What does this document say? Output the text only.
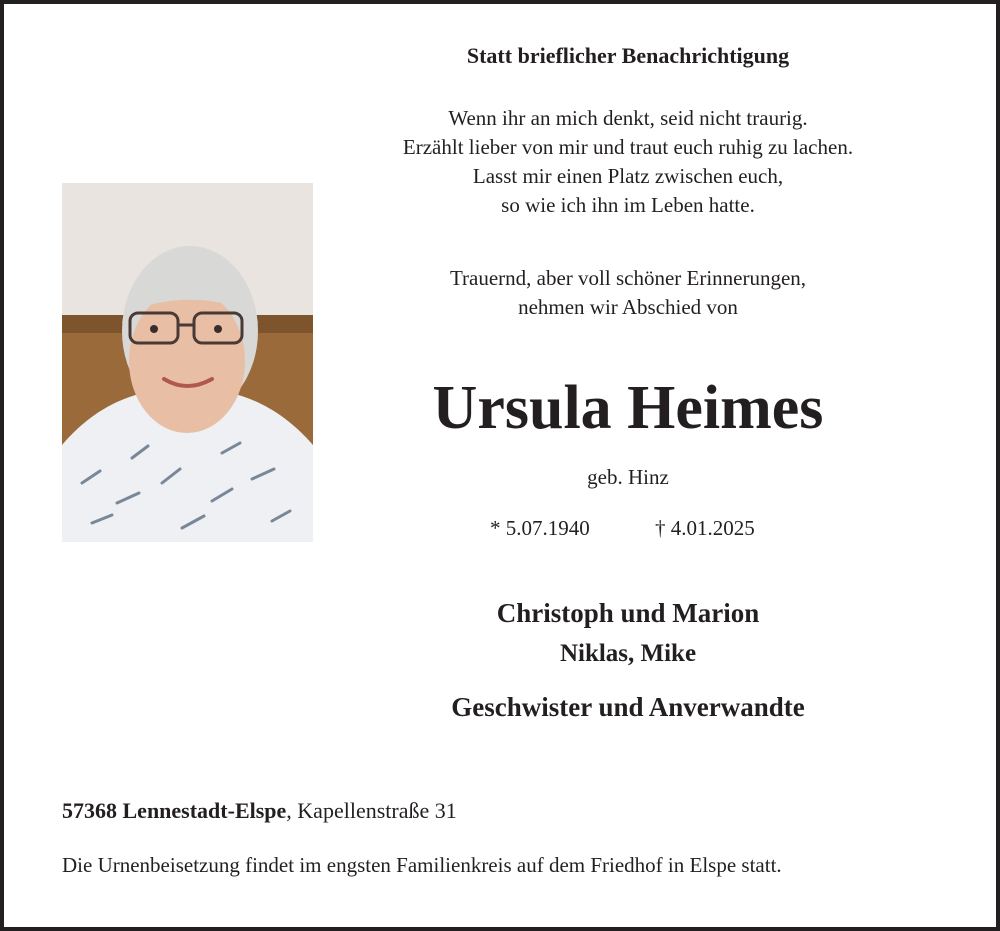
Statt brieflicher Benachrichtigung

Wenn ihr an mich denkt, seid nicht traurig.

Erzählt lieber von mir und traut euch ruhig zu lachen.

Lasst mir einen Platz zwischen euch,

so wie ich ihn im Leben hatte.

Trauernd, aber voll schöner Erinnerungen,

nehmen wir Abschied von

Ursula Heimes

geb. Hinz

* 5.07.1940	† 4.01.2025

Christoph und Marion

Niklas, Mike

Geschwister und Anverwandte

57368 Lennestadt-Elspe , Kapellenstraße 31

Die Urnenbeisetzung findet im engsten Familienkreis auf dem Friedhof in Elspe statt.
